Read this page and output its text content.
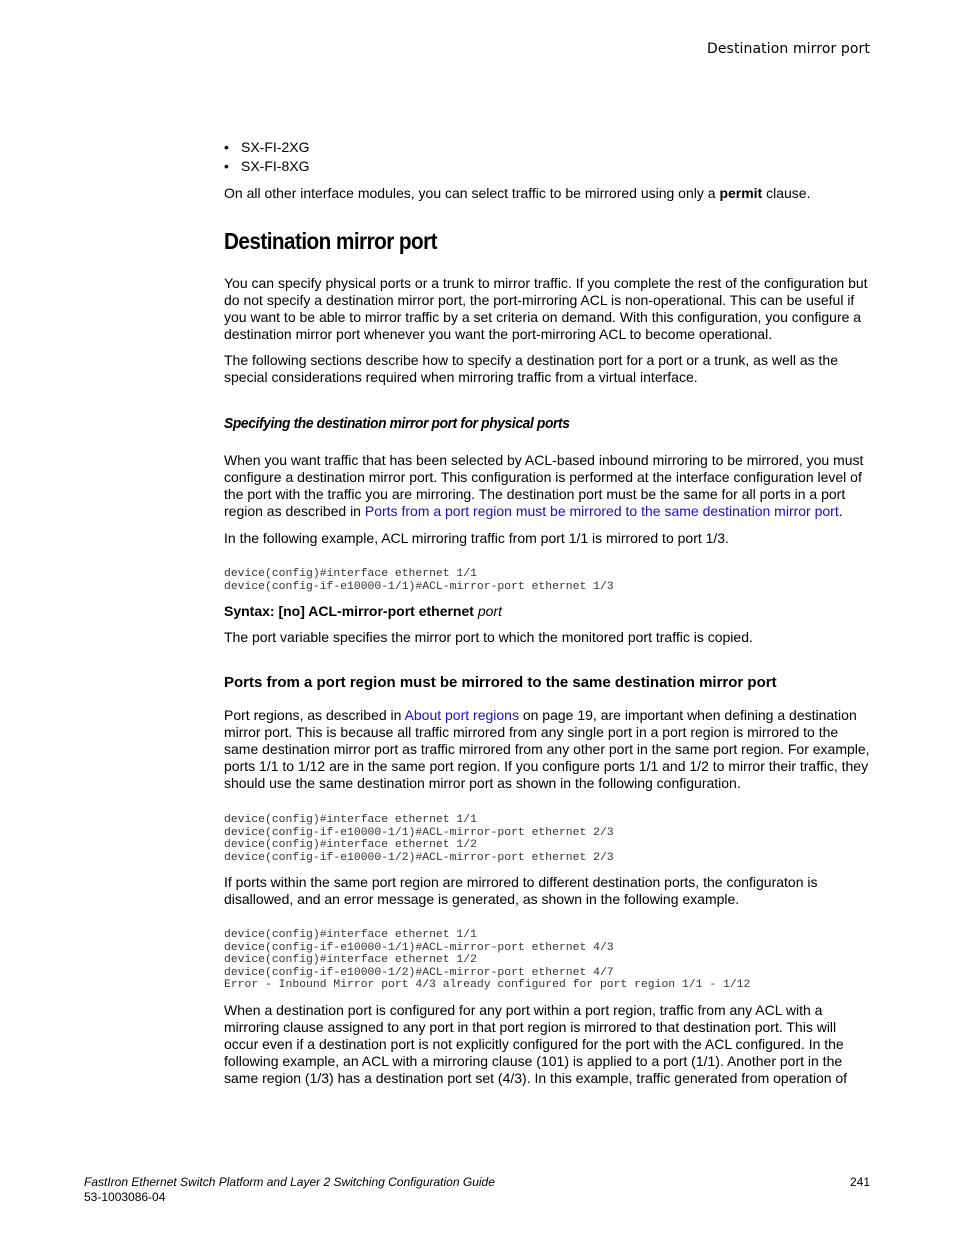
Destination mirror port
• SX-FI-2XG
• SX-FI-8XG
On all other interface modules, you can select traffic to be mirrored using only a permit clause.
Destination mirror port
You can specify physical ports or a trunk to mirror traffic. If you complete the rest of the configuration but do not specify a destination mirror port, the port-mirroring ACL is non-operational. This can be useful if you want to be able to mirror traffic by a set criteria on demand. With this configuration, you configure a destination mirror port whenever you want the port-mirroring ACL to become operational.
The following sections describe how to specify a destination port for a port or a trunk, as well as the special considerations required when mirroring traffic from a virtual interface.
Specifying the destination mirror port for physical ports
When you want traffic that has been selected by ACL-based inbound mirroring to be mirrored, you must configure a destination mirror port. This configuration is performed at the interface configuration level of the port with the traffic you are mirroring. The destination port must be the same for all ports in a port region as described in Ports from a port region must be mirrored to the same destination mirror port.
In the following example, ACL mirroring traffic from port 1/1 is mirrored to port 1/3.
device(config)#interface ethernet 1/1
device(config-if-e10000-1/1)#ACL-mirror-port ethernet 1/3
Syntax: [no] ACL-mirror-port ethernet port
The port variable specifies the mirror port to which the monitored port traffic is copied.
Ports from a port region must be mirrored to the same destination mirror port
Port regions, as described in About port regions on page 19, are important when defining a destination mirror port. This is because all traffic mirrored from any single port in a port region is mirrored to the same destination mirror port as traffic mirrored from any other port in the same port region. For example, ports 1/1 to 1/12 are in the same port region. If you configure ports 1/1 and 1/2 to mirror their traffic, they should use the same destination mirror port as shown in the following configuration.
device(config)#interface ethernet 1/1
device(config-if-e10000-1/1)#ACL-mirror-port ethernet 2/3
device(config)#interface ethernet 1/2
device(config-if-e10000-1/2)#ACL-mirror-port ethernet 2/3
If ports within the same port region are mirrored to different destination ports, the configuraton is disallowed, and an error message is generated, as shown in the following example.
device(config)#interface ethernet 1/1
device(config-if-e10000-1/1)#ACL-mirror-port ethernet 4/3
device(config)#interface ethernet 1/2
device(config-if-e10000-1/2)#ACL-mirror-port ethernet 4/7
Error - Inbound Mirror port 4/3 already configured for port region 1/1 - 1/12
When a destination port is configured for any port within a port region, traffic from any ACL with a mirroring clause assigned to any port in that port region is mirrored to that destination port. This will occur even if a destination port is not explicitly configured for the port with the ACL configured. In the following example, an ACL with a mirroring clause (101) is applied to a port (1/1). Another port in the same region (1/3) has a destination port set (4/3). In this example, traffic generated from operation of
FastIron Ethernet Switch Platform and Layer 2 Switching Configuration Guide
53-1003086-04
241
